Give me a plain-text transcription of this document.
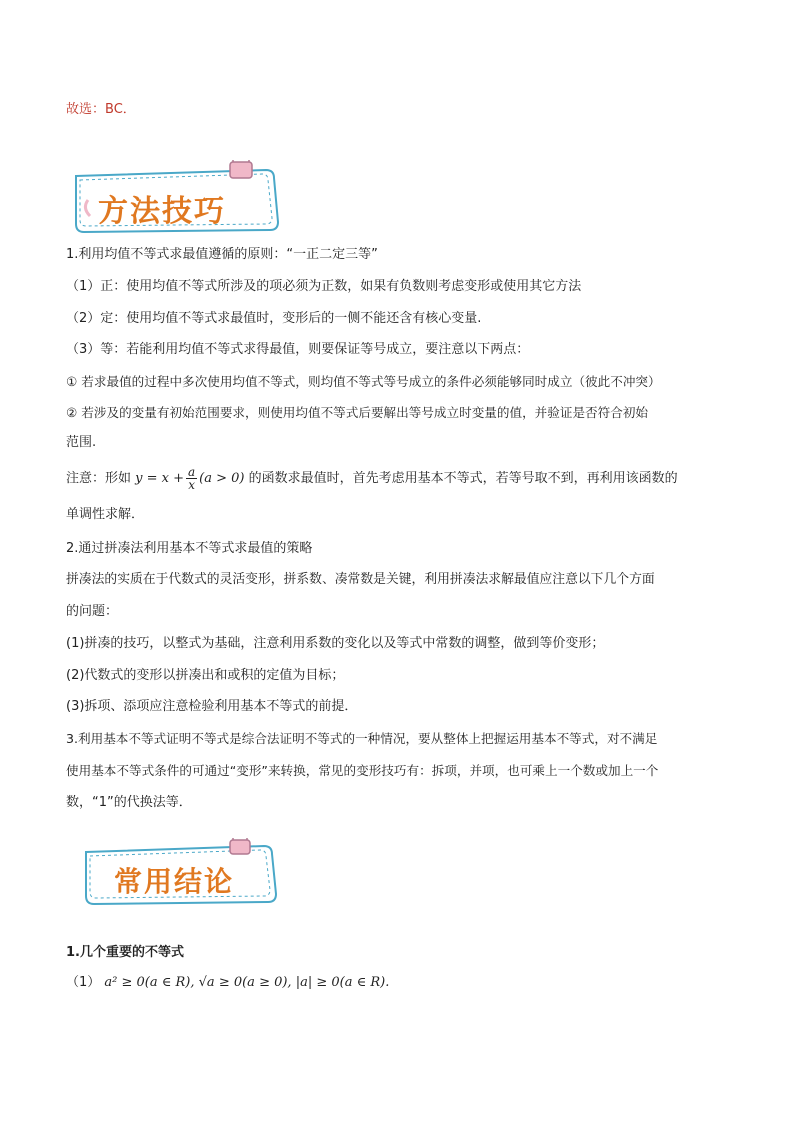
故选：BC．
方法技巧
1.利用均值不等式求最值遵循的原则：“一正二定三等”
（1）正：使用均值不等式所涉及的项必须为正数，如果有负数则考虑变形或使用其它方法
（2）定：使用均值不等式求最值时，变形后的一侧不能还含有核心变量.
（3）等：若能利用均值不等式求得最值，则要保证等号成立，要注意以下两点：
① 若求最值的过程中多次使用均值不等式，则均值不等式等号成立的条件必须能够同时成立（彼此不冲突）
② 若涉及的变量有初始范围要求，则使用均值不等式后要解出等号成立时变量的值，并验证是否符合初始
范围.
注意：形如 $y = x + \frac{a}{x} (a > 0)$ 的函数求最值时，首先考虑用基本不等式，若等号取不到，再利用该函数的
单调性求解．
2.通过拼凑法利用基本不等式求最值的策略
拼凑法的实质在于代数式的灵活变形，拼系数、凑常数是关键，利用拼凑法求解最值应注意以下几个方面
的问题：
(1)拼凑的技巧，以整式为基础，注意利用系数的变化以及等式中常数的调整，做到等价变形；
(2)代数式的变形以拼凑出和或积的定值为目标；
(3)拆项、添项应注意检验利用基本不等式的前提．
3.利用基本不等式证明不等式是综合法证明不等式的一种情况，要从整体上把握运用基本不等式，对不满足
使用基本不等式条件的可通过“变形”来转换，常见的变形技巧有：拆项，并项，也可乘上一个数或加上一个
数，“1”的代换法等．
常用结论
1.几个重要的不等式
（1） a² ≥ 0(a ∈ R), √a ≥ 0(a ≥ 0), |a| ≥ 0(a ∈ R).
